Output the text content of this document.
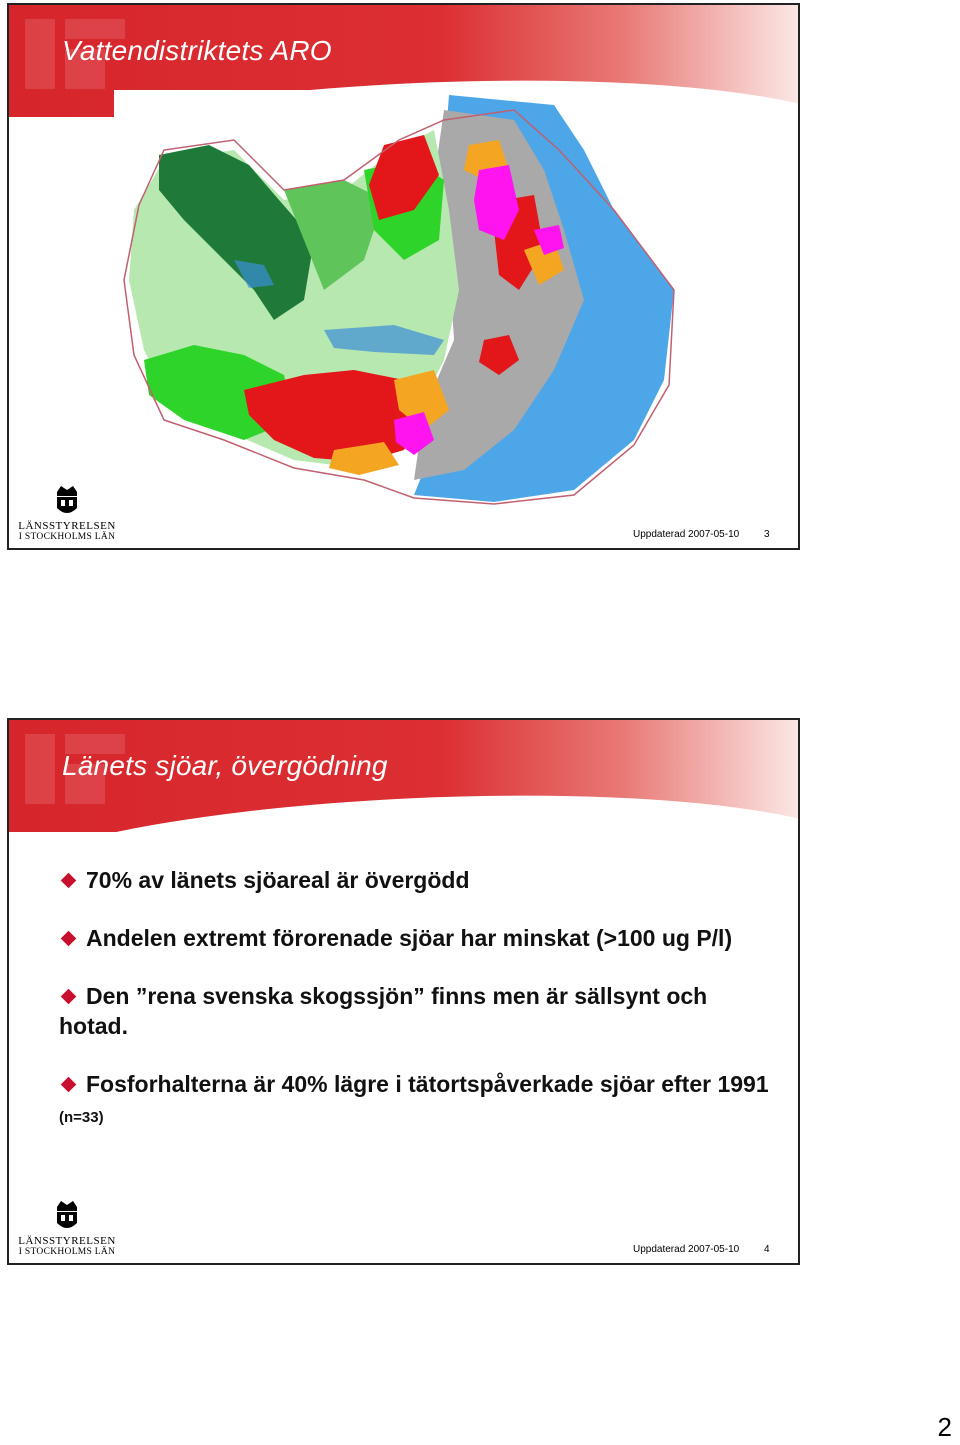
Vattendistriktets ARO
LÄNSSTYRELSEN
I STOCKHOLMS LÄN	Uppdaterad 2007-05-10 3
Länets sjöar, övergödning
70% av länets sjöareal är övergödd
Andelen extremt förorenade sjöar har minskat (>100 ug P/l)
Den ”rena svenska skogssjön” finns men är sällsynt och hotad.
Fosforhalterna är 40% lägre i tätortspåverkade sjöar efter 1991 (n=33)
LÄNSSTYRELSEN
I STOCKHOLMS LÄN	Uppdaterad 2007-05-10 4
2
